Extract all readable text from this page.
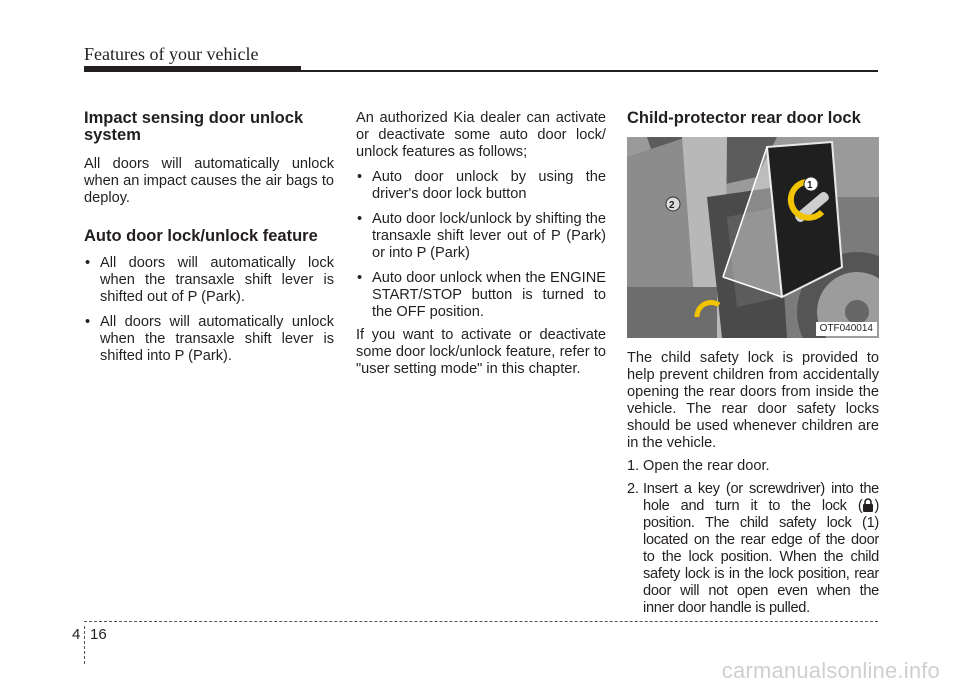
Features of your vehicle
Impact sensing door unlock system

All doors will automatically unlock when an impact causes the air bags to deploy.

Auto door lock/unlock feature
• All doors will automatically lock when the transaxle shift lever is shifted out of P (Park).
• All doors will automatically unlock when the transaxle shift lever is shifted into P (Park).

An authorized Kia dealer can activate or deactivate some auto door lock/ unlock features as follows;

• Auto door unlock by using the driver's door lock button
• Auto door lock/unlock by shifting the transaxle shift lever out of P (Park) or into P (Park)
• Auto door unlock when the ENGINE START/STOP button is turned to the OFF position.

If you want to activate or deactivate some door lock/unlock feature, refer to "user setting mode" in this chapter.

Child-protector rear door lock
1
2
OTF040014

The child safety lock is provided to help prevent children from accidentally opening the rear doors from inside the vehicle. The rear door safety locks should be used whenever children are in the vehicle.

1. Open the rear door.
2. Insert a key (or screwdriver) into the hole and turn it to the lock ( ) position. The child safety lock (1) located on the rear edge of the door to the lock position. When the child safety lock is in the lock position, rear door will not open even when the inner door handle is pulled.
4 16
carmanualsonline.info
